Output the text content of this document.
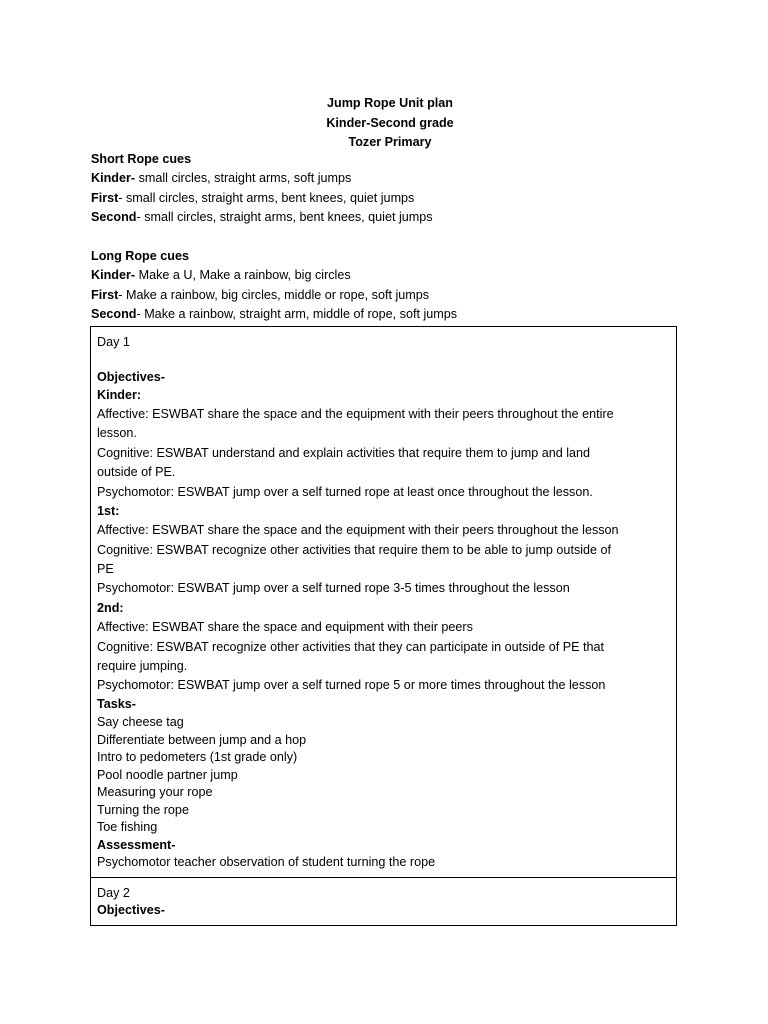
Jump Rope Unit plan
Kinder-Second grade
Tozer Primary
Short Rope cues
Kinder- small circles, straight arms, soft jumps
First- small circles, straight arms, bent knees, quiet jumps
Second- small circles, straight arms, bent knees, quiet jumps
Long Rope cues
Kinder- Make a U, Make a rainbow, big circles
First- Make a rainbow, big circles, middle or rope, soft jumps
Second- Make a rainbow, straight arm, middle of rope, soft jumps
Day 1
Objectives-
Kinder:
Affective: ESWBAT share the space and the equipment with their peers throughout the entire
lesson.
Cognitive: ESWBAT understand and explain activities that require them to jump and land
outside of PE.
Psychomotor: ESWBAT jump over a self turned rope at least once throughout the lesson.
1st:
Affective: ESWBAT share the space and the equipment with their peers throughout the lesson
Cognitive: ESWBAT recognize other activities that require them to be able to jump outside of
PE
Psychomotor: ESWBAT jump over a self turned rope 3-5 times throughout the lesson
2nd:
Affective: ESWBAT share the space and equipment with their peers
Cognitive: ESWBAT recognize other activities that they can participate in outside of PE that
require jumping.
Psychomotor: ESWBAT jump over a self turned rope 5 or more times throughout the lesson
Tasks-
Say cheese tag
Differentiate between jump and a hop
Intro to pedometers (1st grade only)
Pool noodle partner jump
Measuring your rope
Turning the rope
Toe fishing
Assessment-
Psychomotor teacher observation of student turning the rope
Day 2
Objectives-
